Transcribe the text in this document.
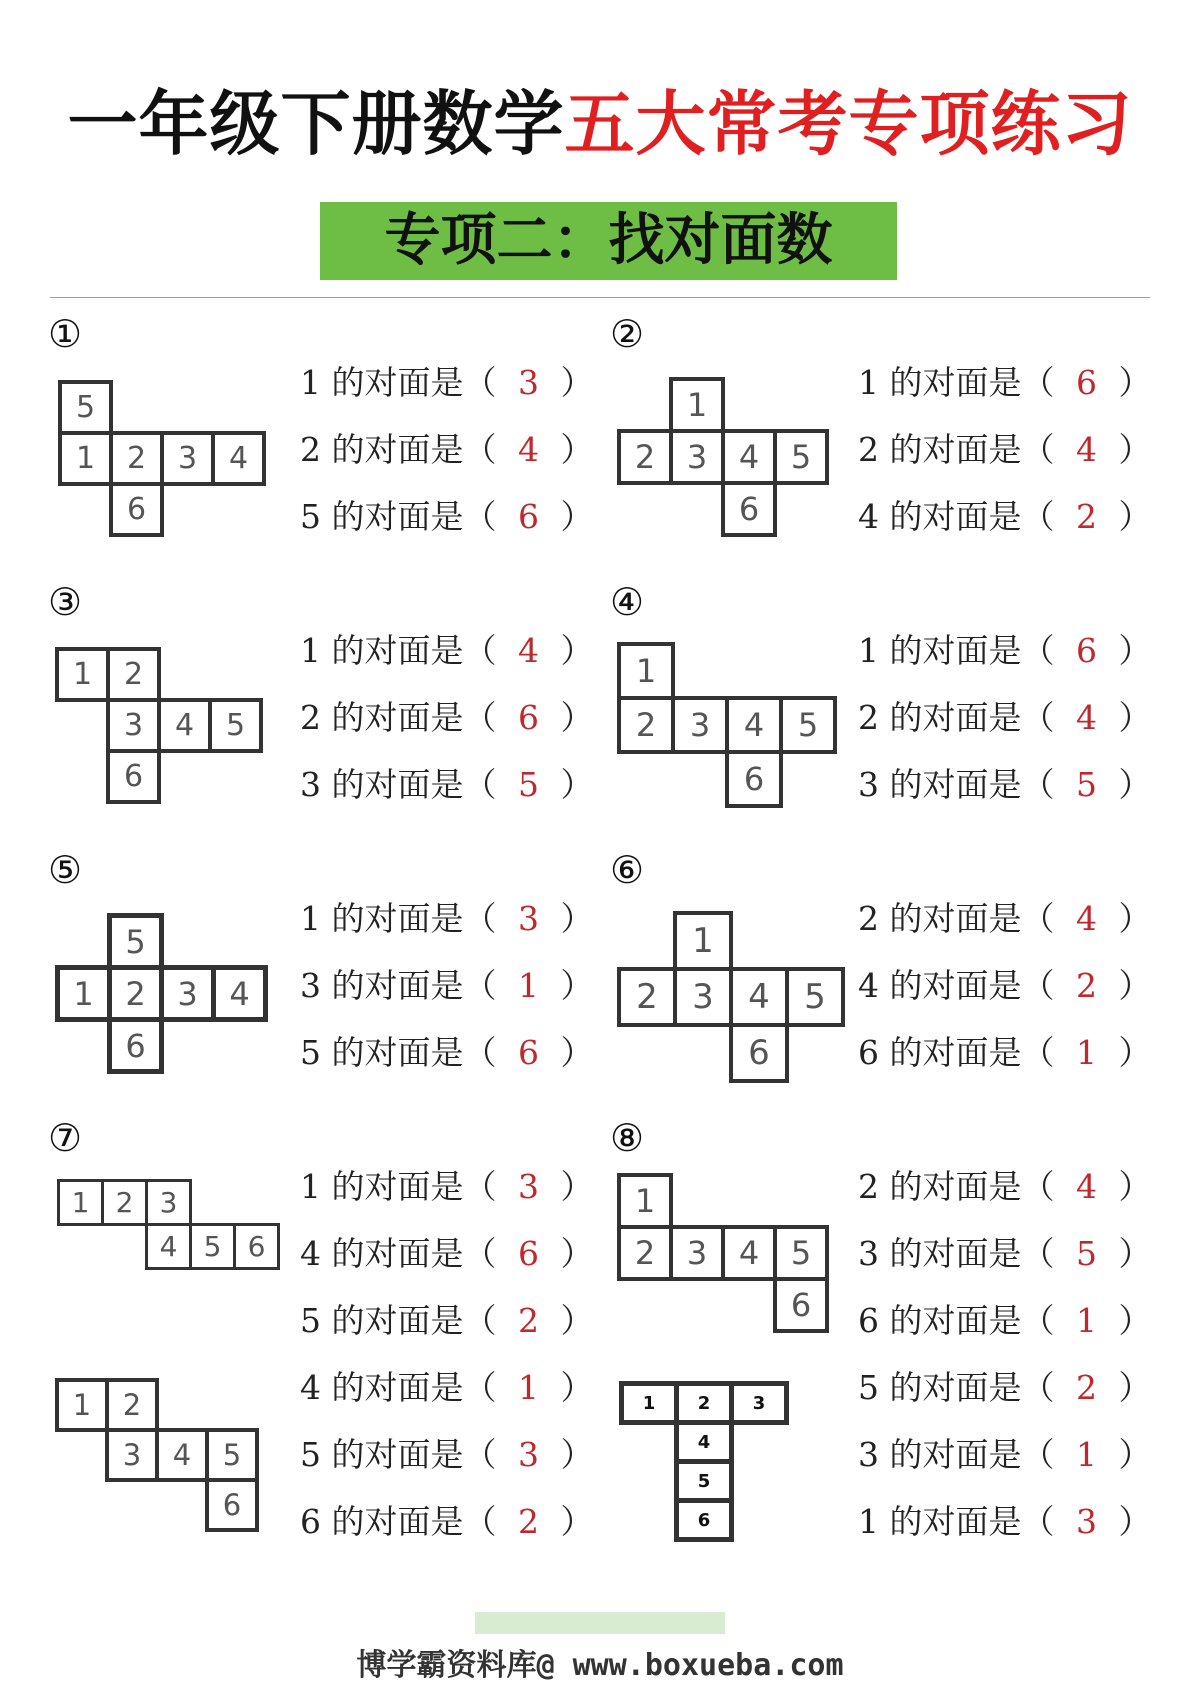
一年级下册数学五大常考专项练习
专项二：找对面数
①
5
1	2	3	4
6
1 的对面是（ 3 ）
2 的对面是（ 4 ）
5 的对面是（ 6 ）
②
1
2 3 4 5
6
1 的对面是（ 6 ）
2 的对面是（ 4 ）
4 的对面是（ 2 ）
③
1	2
3	4	5
6
1 的对面是（ 4 ）
2 的对面是（ 6 ）
3 的对面是（ 5 ）
④
1
2	3	4	5
6
1 的对面是（ 6 ）
2 的对面是（ 4 ）
3 的对面是（ 5 ）
⑤
5
1 2 3 4
6
1 的对面是（ 3 ）
3 的对面是（ 1 ）
5 的对面是（ 6 ）
⑥
1
2	3	4	5
6
2 的对面是（ 4 ）
4 的对面是（ 2 ）
6 的对面是（ 1 ）
⑦
1 2 3
4 5 6
1	2
3	4	5
6
1 的对面是（ 3 ）
4 的对面是（ 6 ）
5 的对面是（ 2 ）
4 的对面是（ 1 ）
5 的对面是（ 3 ）
6 的对面是（ 2 ）
⑧
1
2 3 4 5
6
1	2	3
4
5
6
2 的对面是（ 4 ）
3 的对面是（ 5 ）
6 的对面是（ 1 ）
5 的对面是（ 2 ）
3 的对面是（ 1 ）
1 的对面是（ 3 ）
博学霸资料库@ www.boxueba.com
